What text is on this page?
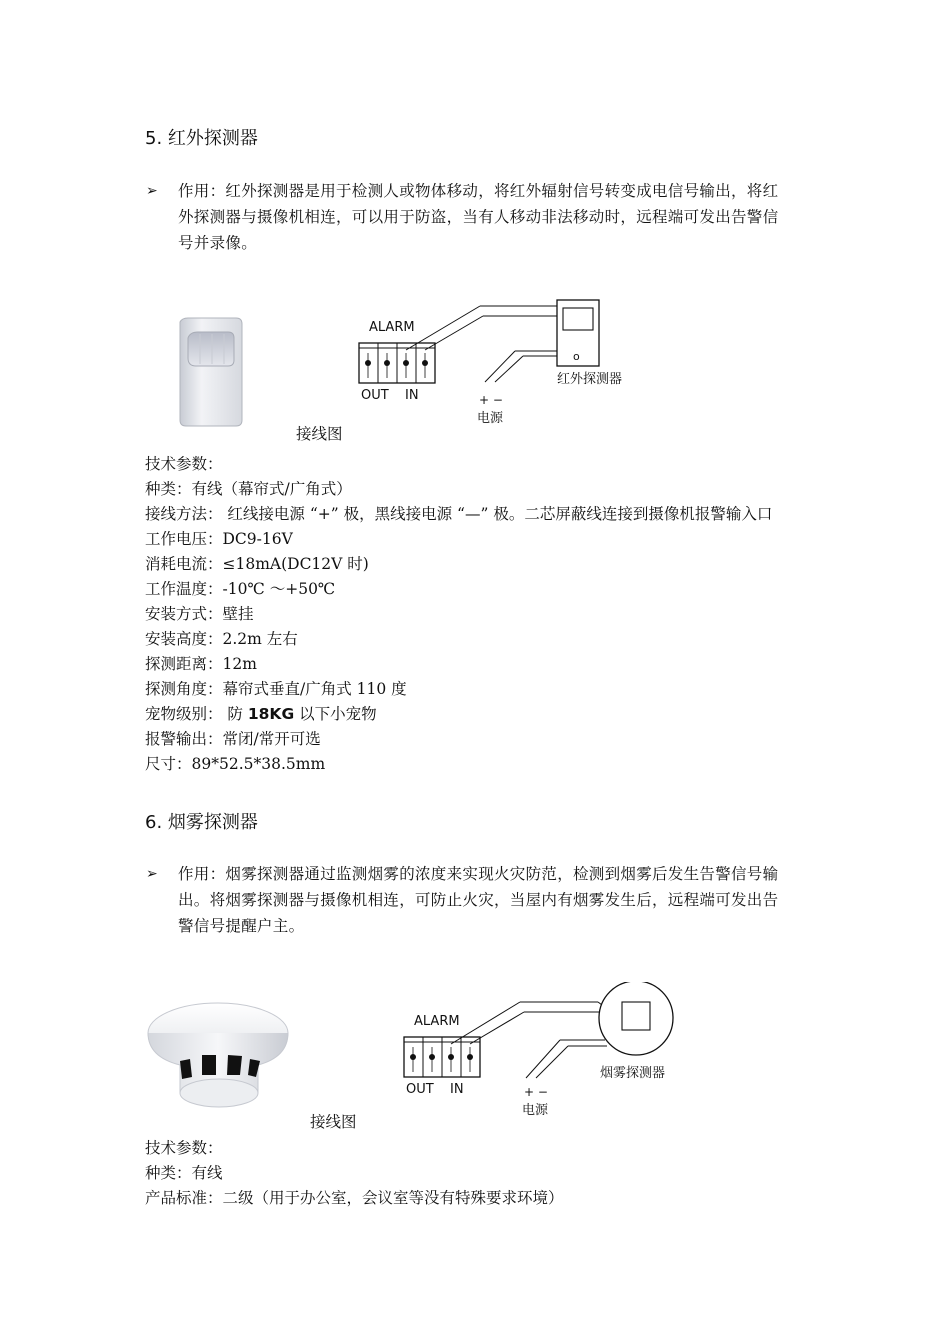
5. 红外探测器
➢ 作用：红外探测器是用于检测人或物体移动，将红外辐射信号转变成电信号输出，将红
外探测器与摄像机相连，可以用于防盗，当有人移动非法移动时，远程端可发出告警信
号并录像。
ALARM
OUT IN	+ −
电源
o
红外探测器
接线图
技术参数：
种类：有线（幕帘式/广角式）
接线方法： 红线接电源 “+” 极，黑线接电源 “—” 极。二芯屏蔽线连接到摄像机报警输入口
工作电压：DC9-16V
消耗电流：≤18mA(DC12V 时)
工作温度：-10℃ ～+50℃
安装方式：壁挂
安装高度：2.2m 左右
探测距离：12m
探测角度：幕帘式垂直/广角式 110 度
宠物级别： 防 18KG 以下小宠物
报警输出：常闭/常开可选
尺寸：89*52.5*38.5mm
6. 烟雾探测器
➢ 作用：烟雾探测器通过监测烟雾的浓度来实现火灾防范，检测到烟雾后发生告警信号输
出。将烟雾探测器与摄像机相连，可防止火灾，当屋内有烟雾发生后，远程端可发出告
警信号提醒户主。
ALARM
OUT IN	+ −
电源
烟雾探测器
接线图
技术参数：
种类：有线
产品标准：二级（用于办公室，会议室等没有特殊要求环境）
